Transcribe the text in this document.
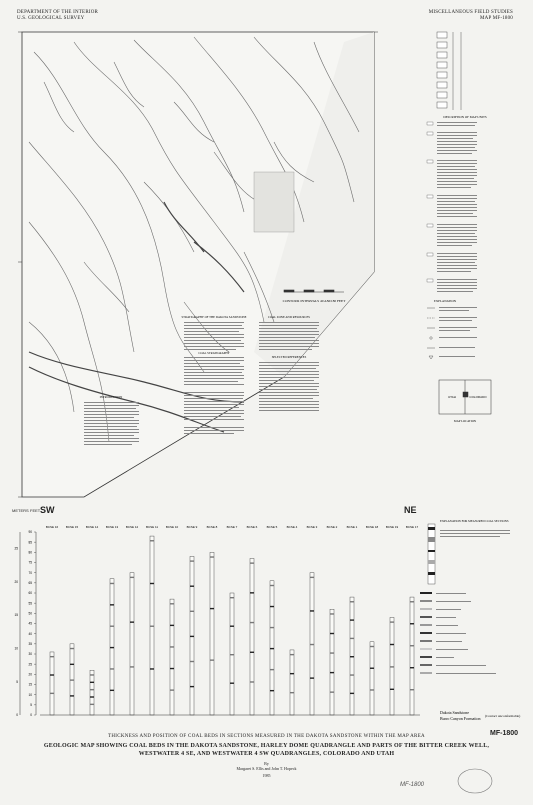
DEPARTMENT OF THE INTERIOR
U.S. GEOLOGICAL SURVEY
MISCELLANEOUS FIELD STUDIES
MAP MF-1800
CONTOUR INTERVALS 40 AND 80 FEET
STRATIGRAPHY OF THE DAKOTA SANDSTONE	COAL ZONE AND RESOURCES
SELECTED REFERENCES
COAL STRATIGRAPHY
INTRODUCTION
DESCRIPTION OF MAP UNITS
EXPLANATION
UTAH	COLORADO
MAP LOCATION
SW	NE
METERS FEET
90
85
80
75
70
65
60
55
50
45
40
35
30
25
20
15
10
5
0
25
20
15
10
5
0
BCSE 16	BCSE 15	BCSE 14	BCSE 13	BCSE 12	BCSE 11	BCSE 10	BCSE 9	BCSE 8	BCSE 7	BCSE 6	BCSE 5	BCSE 4	BCSE 3	BCSE 2	BCSE 1	BCSE 18	BCSE 19	BCSE 17
Dakota Sandstone
Burro Canyon Formation (Contact unconformable)
EXPLANATION FOR MEASURED COAL SECTIONS
THICKNESS AND POSITION OF COAL BEDS IN SECTIONS MEASURED IN THE DAKOTA SANDSTONE WITHIN THE MAP AREA
GEOLOGIC MAP SHOWING COAL BEDS IN THE DAKOTA SANDSTONE, HARLEY DOME QUADRANGLE AND PARTS OF THE BITTER CREEK WELL,
WESTWATER 4 SE, AND WESTWATER 4 SW QUADRANGLES, COLORADO AND UTAH
By
Margaret S. Ellis and John T. Hopeck
1985
MF-1800
MF-1800
